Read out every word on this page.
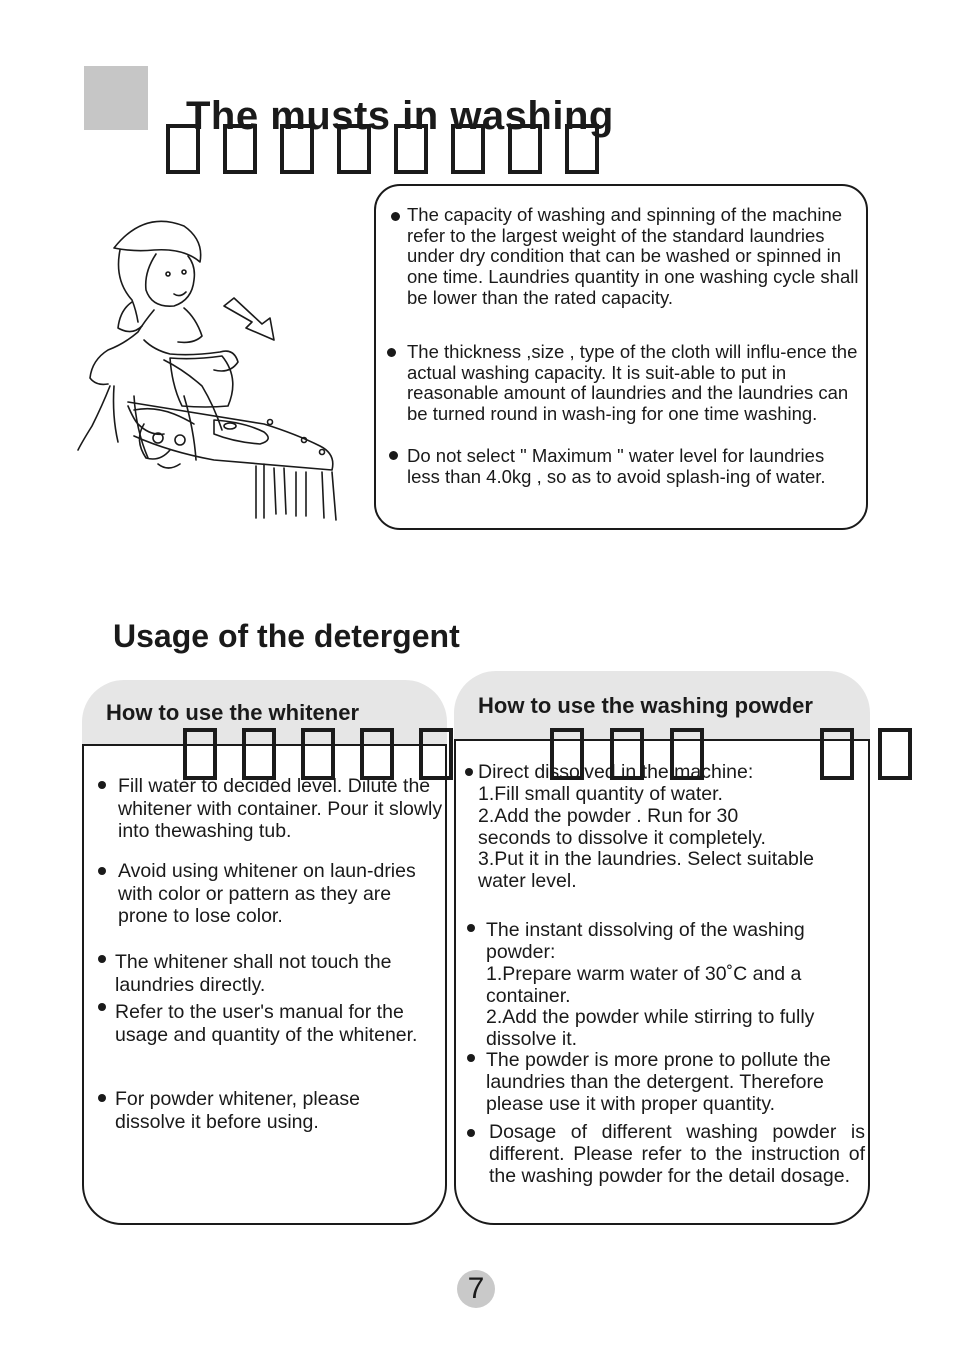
The musts in washing

The capacity of washing and spinning of the machine refer to the largest weight of the standard laundries under dry condition that can be washed or spinned in one time. Laundries quantity in one washing cycle shall be lower than the rated capacity.

The thickness ,size , type of the cloth will influ-ence the actual washing capacity. It is suit-able to put in reasonable amount of laundries and the laundries can be turned round in wash-ing for one time washing.

Do not select " Maximum " water level for laundries less than 4.0kg , so as to avoid splash-ing of water.

Usage of the detergent
How to use the whitener

Fill water to decided level. Dilute the whitener with container. Pour it slowly into thewashing tub.

Avoid using whitener on laun-dries with color or pattern as they are prone to lose color.

The whitener shall not touch the laundries directly.

Refer to the user's manual for the usage and quantity of the whitener.

For powder whitener, please dissolve it before using.

How to use the washing powder

Direct dissolved in the machine:

1.Fill small quantity of water.

2.Add the powder . Run for 30 seconds to dissolve it completely.

3.Put it in the laundries. Select suitable water level.

The instant dissolving of the washing powder:

1.Prepare warm water of 30˚C and a container.

2.Add the powder while stirring to fully dissolve it.

The powder is more prone to pollute the laundries than the detergent. Therefore please use it with proper quantity.

Dosage of different washing powder is different. Please refer to the instruction of the washing powder for the detail dosage.

7
